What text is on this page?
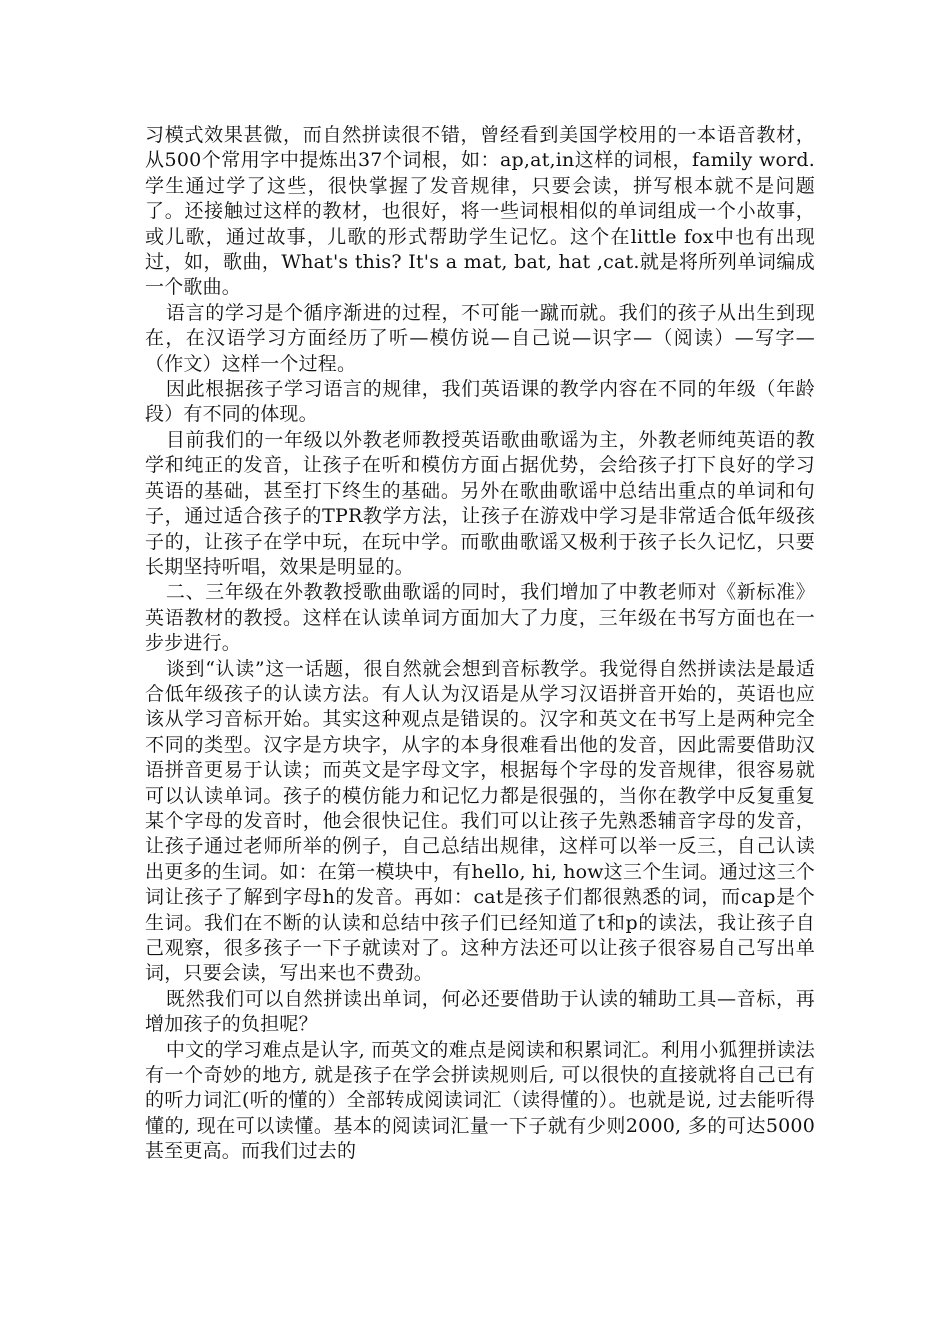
习模式效果甚微，而自然拼读很不错，曾经看到美国学校用的一本语音教材，从500个常用字中提炼出37个词根，如：ap,at,in这样的词根，family word.学生通过学了这些，很快掌握了发音规律，只要会读，拼写根本就不是问题了。还接触过这样的教材，也很好，将一些词根相似的单词组成一个小故事，或儿歌，通过故事，儿歌的形式帮助学生记忆。这个在little fox中也有出现过，如，歌曲，What's this? It's a mat, bat, hat ,cat.就是将所列单词编成一个歌曲。

语言的学习是个循序渐进的过程，不可能一蹴而就。我们的孩子从出生到现在，在汉语学习方面经历了听—模仿说—自己说—识字—（阅读）—写字—（作文）这样一个过程。

因此根据孩子学习语言的规律，我们英语课的教学内容在不同的年级（年龄段）有不同的体现。

目前我们的一年级以外教老师教授英语歌曲歌谣为主，外教老师纯英语的教学和纯正的发音，让孩子在听和模仿方面占据优势，会给孩子打下良好的学习英语的基础，甚至打下终生的基础。另外在歌曲歌谣中总结出重点的单词和句子，通过适合孩子的TPR教学方法，让孩子在游戏中学习是非常适合低年级孩子的，让孩子在学中玩，在玩中学。而歌曲歌谣又极利于孩子长久记忆，只要长期坚持听唱，效果是明显的。

二、三年级在外教教授歌曲歌谣的同时，我们增加了中教老师对《新标准》英语教材的教授。这样在认读单词方面加大了力度，三年级在书写方面也在一步步进行。

谈到“认读”这一话题，很自然就会想到音标教学。我觉得自然拼读法是最适合低年级孩子的认读方法。有人认为汉语是从学习汉语拼音开始的，英语也应该从学习音标开始。其实这种观点是错误的。汉字和英文在书写上是两种完全不同的类型。汉字是方块字，从字的本身很难看出他的发音，因此需要借助汉语拼音更易于认读；而英文是字母文字，根据每个字母的发音规律，很容易就可以认读单词。孩子的模仿能力和记忆力都是很强的，当你在教学中反复重复某个字母的发音时，他会很快记住。我们可以让孩子先熟悉辅音字母的发音，让孩子通过老师所举的例子，自己总结出规律，这样可以举一反三，自己认读出更多的生词。如：在第一模块中，有hello, hi, how这三个生词。通过这三个词让孩子了解到字母h的发音。再如：cat是孩子们都很熟悉的词，而cap是个生词。我们在不断的认读和总结中孩子们已经知道了t和p的读法，我让孩子自己观察，很多孩子一下子就读对了。这种方法还可以让孩子很容易自己写出单词，只要会读，写出来也不费劲。

既然我们可以自然拼读出单词，何必还要借助于认读的辅助工具—音标，再增加孩子的负担呢？

中文的学习难点是认字, 而英文的难点是阅读和积累词汇。利用小狐狸拼读法有一个奇妙的地方, 就是孩子在学会拼读规则后, 可以很快的直接就将自己已有的听力词汇(听的懂的）全部转成阅读词汇（读得懂的）。也就是说, 过去能听得懂的, 现在可以读懂。基本的阅读词汇量一下子就有少则2000, 多的可达5000甚至更高。而我们过去的
